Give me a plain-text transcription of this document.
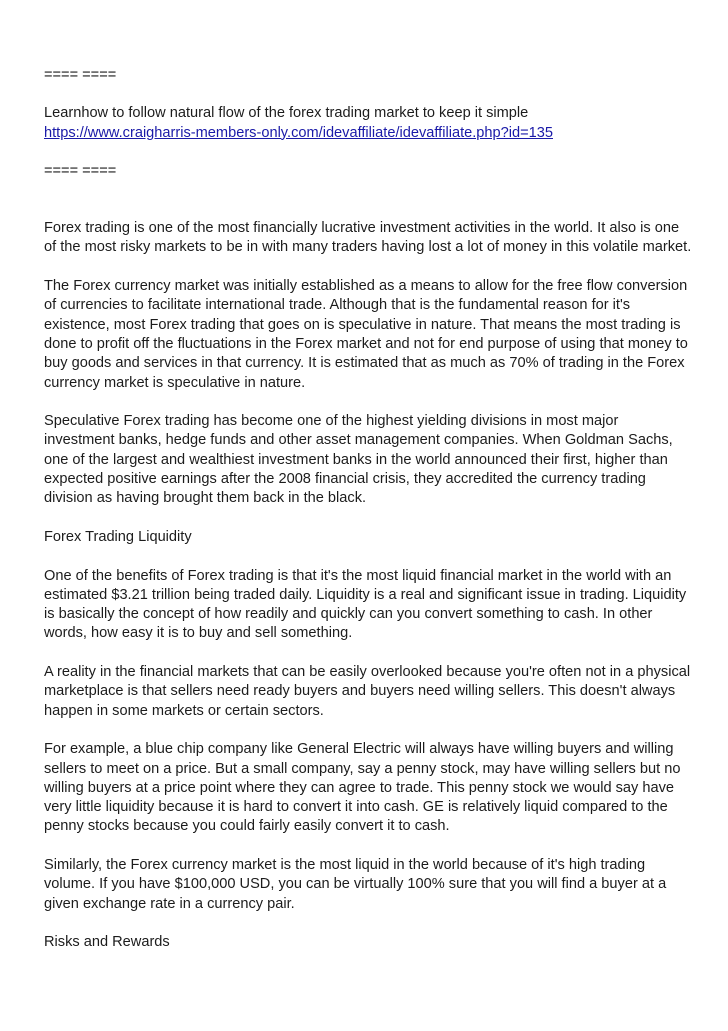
==== ====

Learnhow to follow natural flow of the forex trading market to keep it simple

https://www.craigharris-members-only.com/idevaffiliate/idevaffiliate.php?id=135

==== ====

Forex trading is one of the most financially lucrative investment activities in the world. It also is one of the most risky markets to be in with many traders having lost a lot of money in this volatile market.

The Forex currency market was initially established as a means to allow for the free flow conversion of currencies to facilitate international trade. Although that is the fundamental reason for it's existence, most Forex trading that goes on is speculative in nature. That means the most trading is done to profit off the fluctuations in the Forex market and not for end purpose of using that money to buy goods and services in that currency. It is estimated that as much as 70% of trading in the Forex currency market is speculative in nature.

Speculative Forex trading has become one of the highest yielding divisions in most major investment banks, hedge funds and other asset management companies. When Goldman Sachs, one of the largest and wealthiest investment banks in the world announced their first, higher than expected positive earnings after the 2008 financial crisis, they accredited the currency trading division as having brought them back in the black.

Forex Trading Liquidity

One of the benefits of Forex trading is that it's the most liquid financial market in the world with an estimated $3.21 trillion being traded daily. Liquidity is a real and significant issue in trading. Liquidity is basically the concept of how readily and quickly can you convert something to cash. In other words, how easy it is to buy and sell something.

A reality in the financial markets that can be easily overlooked because you're often not in a physical marketplace is that sellers need ready buyers and buyers need willing sellers. This doesn't always happen in some markets or certain sectors.

For example, a blue chip company like General Electric will always have willing buyers and willing sellers to meet on a price. But a small company, say a penny stock, may have willing sellers but no willing buyers at a price point where they can agree to trade. This penny stock we would say have very little liquidity because it is hard to convert it into cash. GE is relatively liquid compared to the penny stocks because you could fairly easily convert it to cash.

Similarly, the Forex currency market is the most liquid in the world because of it's high trading volume. If you have $100,000 USD, you can be virtually 100% sure that you will find a buyer at a given exchange rate in a currency pair.

Risks and Rewards
